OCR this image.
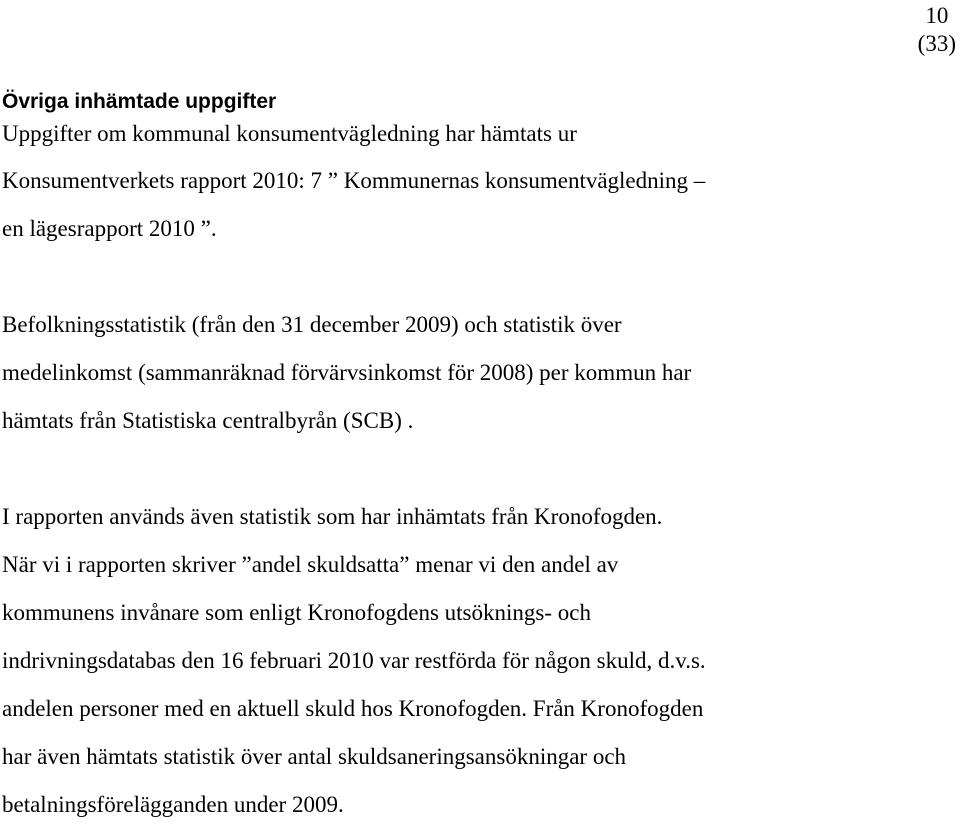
10
(33)
Övriga inhämtade uppgifter
Uppgifter om kommunal konsumentvägledning har hämtats ur
Konsumentverkets rapport 2010: 7 ” Kommunernas konsumentvägledning –
en lägesrapport 2010 ”.
Befolkningsstatistik (från den 31 december 2009) och statistik över
medelinkomst (sammanräknad förvärvsinkomst för 2008) per kommun har
hämtats från Statistiska centralbyrån (SCB) .
I rapporten används även statistik som har inhämtats från Kronofogden.
När vi i rapporten skriver ”andel skuldsatta” menar vi den andel av
kommunens invånare som enligt Kronofogdens utsöknings- och
indrivningsdatabas den 16 februari 2010 var restförda för någon skuld, d.v.s.
andelen personer med en aktuell skuld hos Kronofogden. Från Kronofogden
har även hämtats statistik över antal skuldsaneringsansökningar och
betalningsförelägganden under 2009.
